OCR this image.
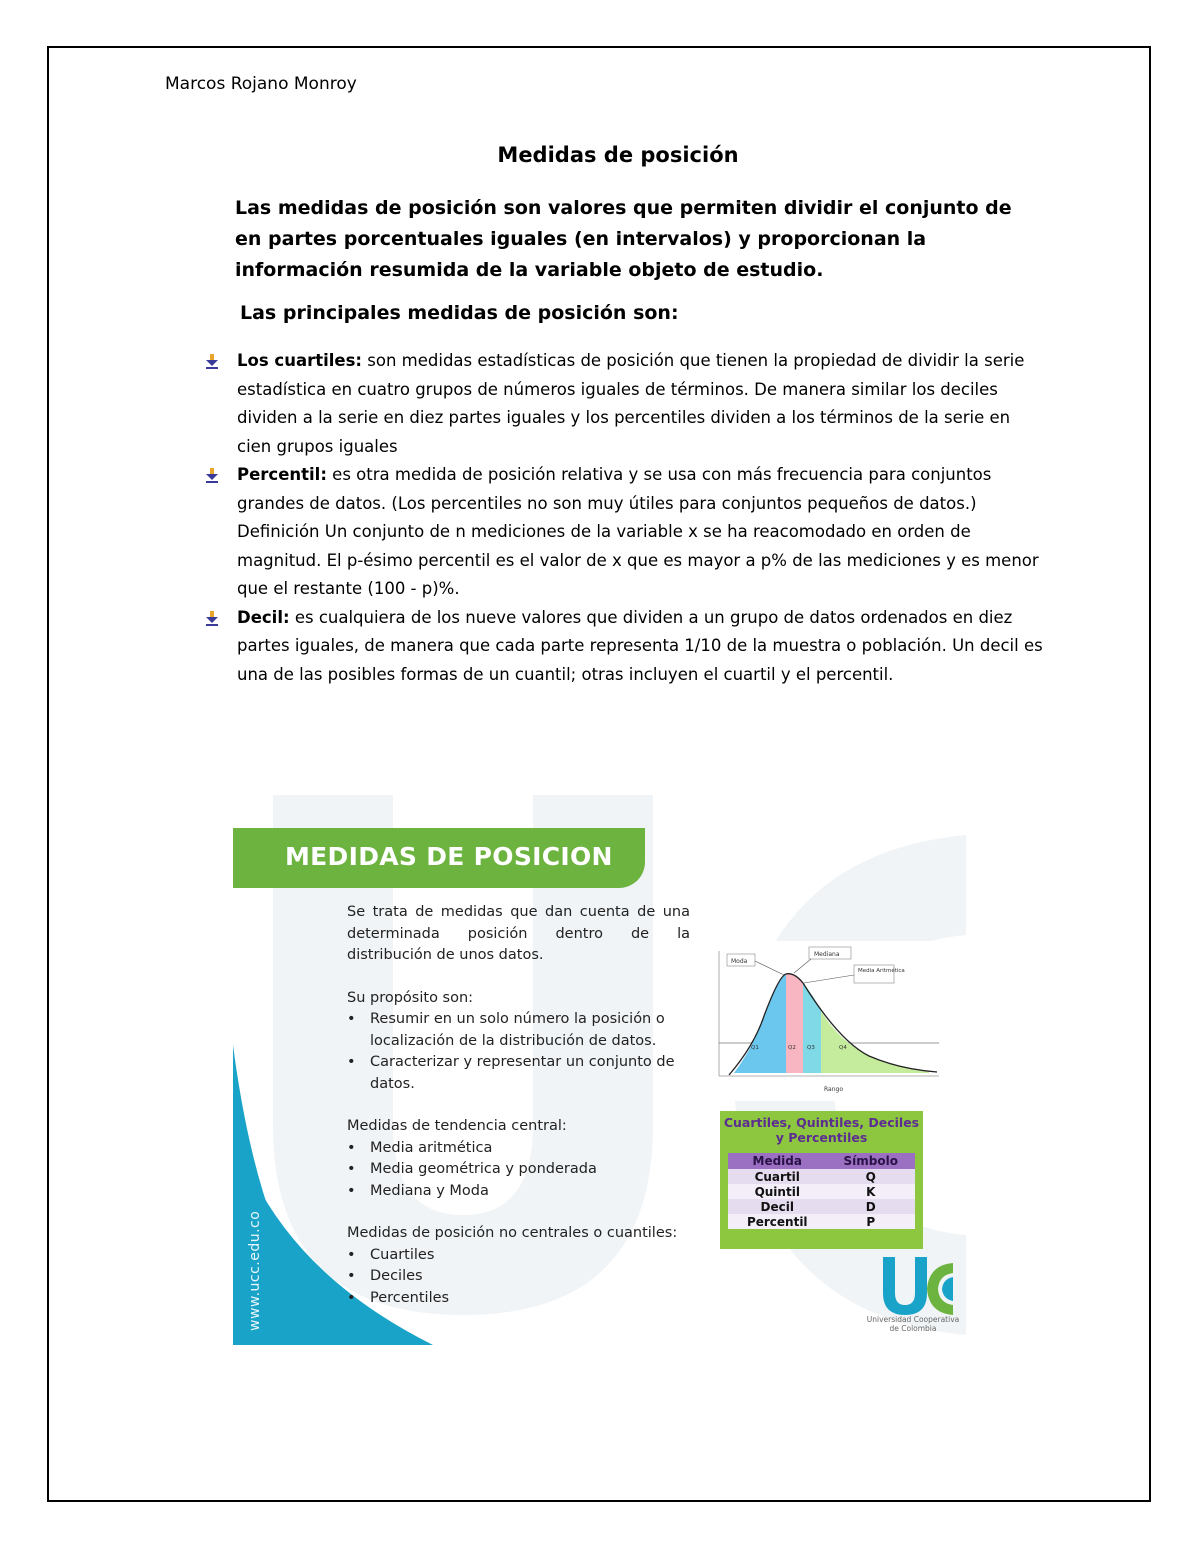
Marcos Rojano Monroy
Medidas de posición
Las medidas de posición son valores que permiten dividir el conjunto de en partes porcentuales iguales (en intervalos) y proporcionan la información resumida de la variable objeto de estudio.
Las principales medidas de posición son:
Los cuartiles: son medidas estadísticas de posición que tienen la propiedad de dividir la serie estadística en cuatro grupos de números iguales de términos. De manera similar los deciles dividen a la serie en diez partes iguales y los percentiles dividen a los términos de la serie en cien grupos iguales
Percentil: es otra medida de posición relativa y se usa con más frecuencia para conjuntos grandes de datos. (Los percentiles no son muy útiles para conjuntos pequeños de datos.) Definición Un conjunto de n mediciones de la variable x se ha reacomodado en orden de magnitud. El p-ésimo percentil es el valor de x que es mayor a p% de las mediciones y es menor que el restante (100 - p)%.
Decil: es cualquiera de los nueve valores que dividen a un grupo de datos ordenados en diez partes iguales, de manera que cada parte representa 1/10 de la muestra o población. Un decil es una de las posibles formas de un cuantil; otras incluyen el cuartil y el percentil.
MEDIDAS DE POSICION
www.ucc.edu.co

Se trata de medidas que dan cuenta de una

determinada posición dentro de la

distribución de unos datos.

Su propósito son:

• Resumir en un solo número la posición o localización de la distribución de datos.
• Caracterizar y representar un conjunto de datos.

Medidas de tendencia central:

• Media aritmética
• Media geométrica y ponderada
• Mediana y Moda

Medidas de posición no centrales o cuantiles:

• Cuartiles
• Deciles
• Percentiles
Moda
Mediana
Media Aritmética
Q1	Q2 Q3	Q4
Rango
Cuartiles, Quintiles, Deciles y Percentiles
Medida	Símbolo
Cuartil	Q
Quintil	K
Decil	D
Percentil	P
Universidad Cooperativa de Colombia
